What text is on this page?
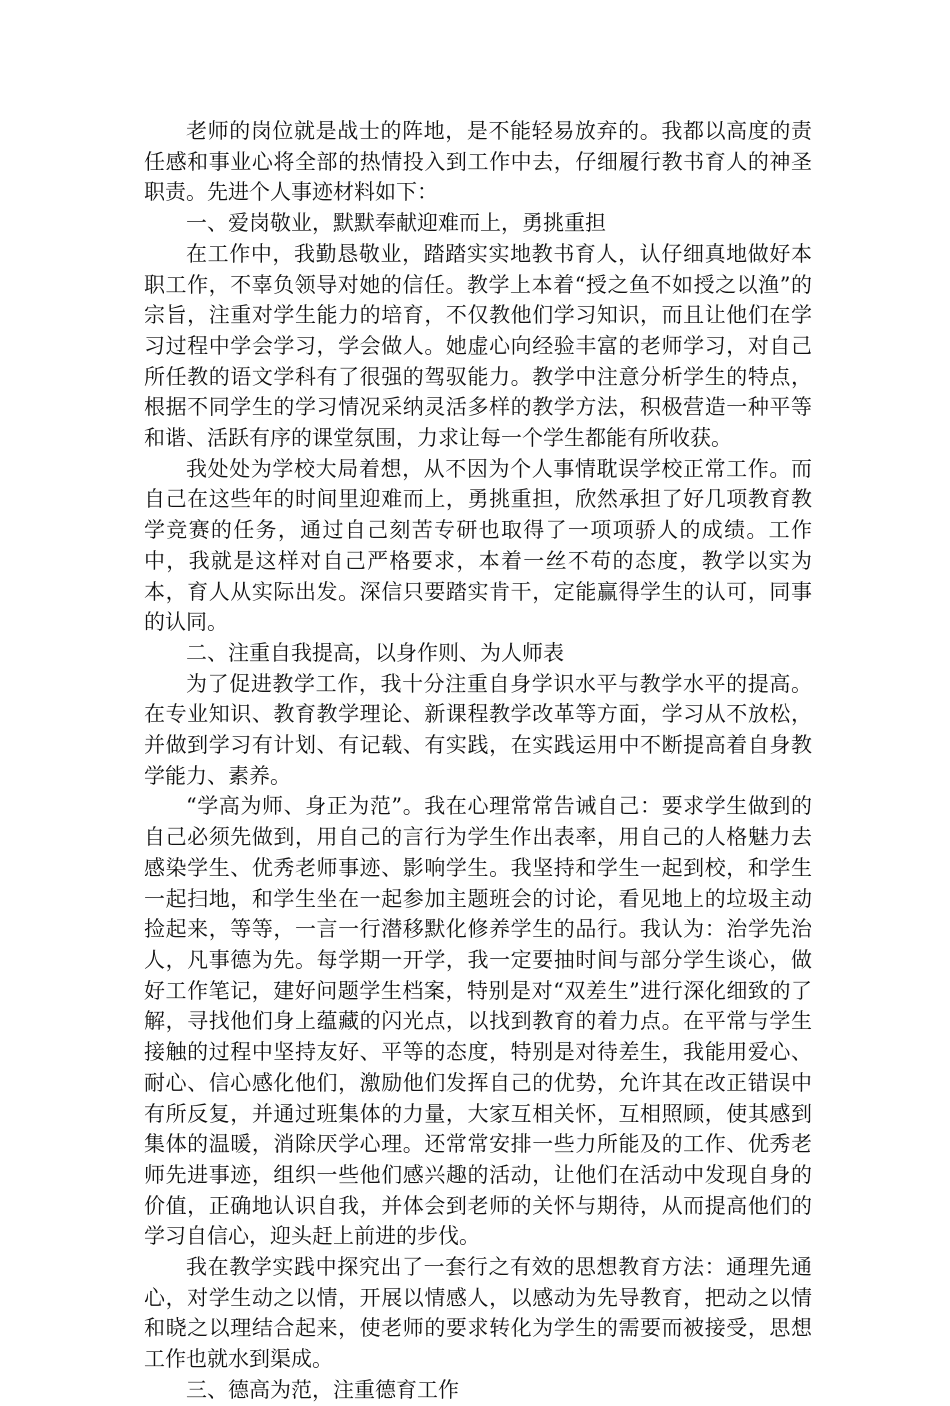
老师的岗位就是战士的阵地，是不能轻易放弃的。我都以高度的责任感和事业心将全部的热情投入到工作中去，仔细履行教书育人的神圣职责。先进个人事迹材料如下：

一、爱岗敬业，默默奉献迎难而上，勇挑重担

在工作中，我勤恳敬业，踏踏实实地教书育人，认仔细真地做好本职工作，不辜负领导对她的信任。教学上本着“授之鱼不如授之以渔”的宗旨，注重对学生能力的培育，不仅教他们学习知识，而且让他们在学习过程中学会学习，学会做人。她虚心向经验丰富的老师学习，对自己所任教的语文学科有了很强的驾驭能力。教学中注意分析学生的特点，根据不同学生的学习情况采纳灵活多样的教学方法，积极营造一种平等和谐、活跃有序的课堂氛围，力求让每一个学生都能有所收获。

我处处为学校大局着想，从不因为个人事情耽误学校正常工作。而自己在这些年的时间里迎难而上，勇挑重担，欣然承担了好几项教育教学竞赛的任务，通过自己刻苦专研也取得了一项项骄人的成绩。工作中，我就是这样对自己严格要求，本着一丝不苟的态度，教学以实为本，育人从实际出发。深信只要踏实肯干，定能赢得学生的认可，同事的认同。

二、注重自我提高，以身作则、为人师表

为了促进教学工作，我十分注重自身学识水平与教学水平的提高。在专业知识、教育教学理论、新课程教学改革等方面，学习从不放松，并做到学习有计划、有记载、有实践，在实践运用中不断提高着自身教学能力、素养。

“学高为师、身正为范”。我在心理常常告诫自己：要求学生做到的自己必须先做到，用自己的言行为学生作出表率，用自己的人格魅力去感染学生、优秀老师事迹、影响学生。我坚持和学生一起到校，和学生一起扫地，和学生坐在一起参加主题班会的讨论，看见地上的垃圾主动捡起来，等等，一言一行潜移默化修养学生的品行。我认为：治学先治人，凡事德为先。每学期一开学，我一定要抽时间与部分学生谈心，做好工作笔记，建好问题学生档案，特别是对“双差生”进行深化细致的了解，寻找他们身上蕴藏的闪光点，以找到教育的着力点。在平常与学生接触的过程中坚持友好、平等的态度，特别是对待差生，我能用爱心、耐心、信心感化他们，激励他们发挥自己的优势，允许其在改正错误中有所反复，并通过班集体的力量，大家互相关怀，互相照顾，使其感到集体的温暖，消除厌学心理。还常常安排一些力所能及的工作、优秀老师先进事迹，组织一些他们感兴趣的活动，让他们在活动中发现自身的价值，正确地认识自我，并体会到老师的关怀与期待，从而提高他们的学习自信心，迎头赶上前进的步伐。

我在教学实践中探究出了一套行之有效的思想教育方法：通理先通心，对学生动之以情，开展以情感人，以感动为先导教育，把动之以情和晓之以理结合起来，使老师的要求转化为学生的需要而被接受，思想工作也就水到渠成。

三、德高为范，注重德育工作
